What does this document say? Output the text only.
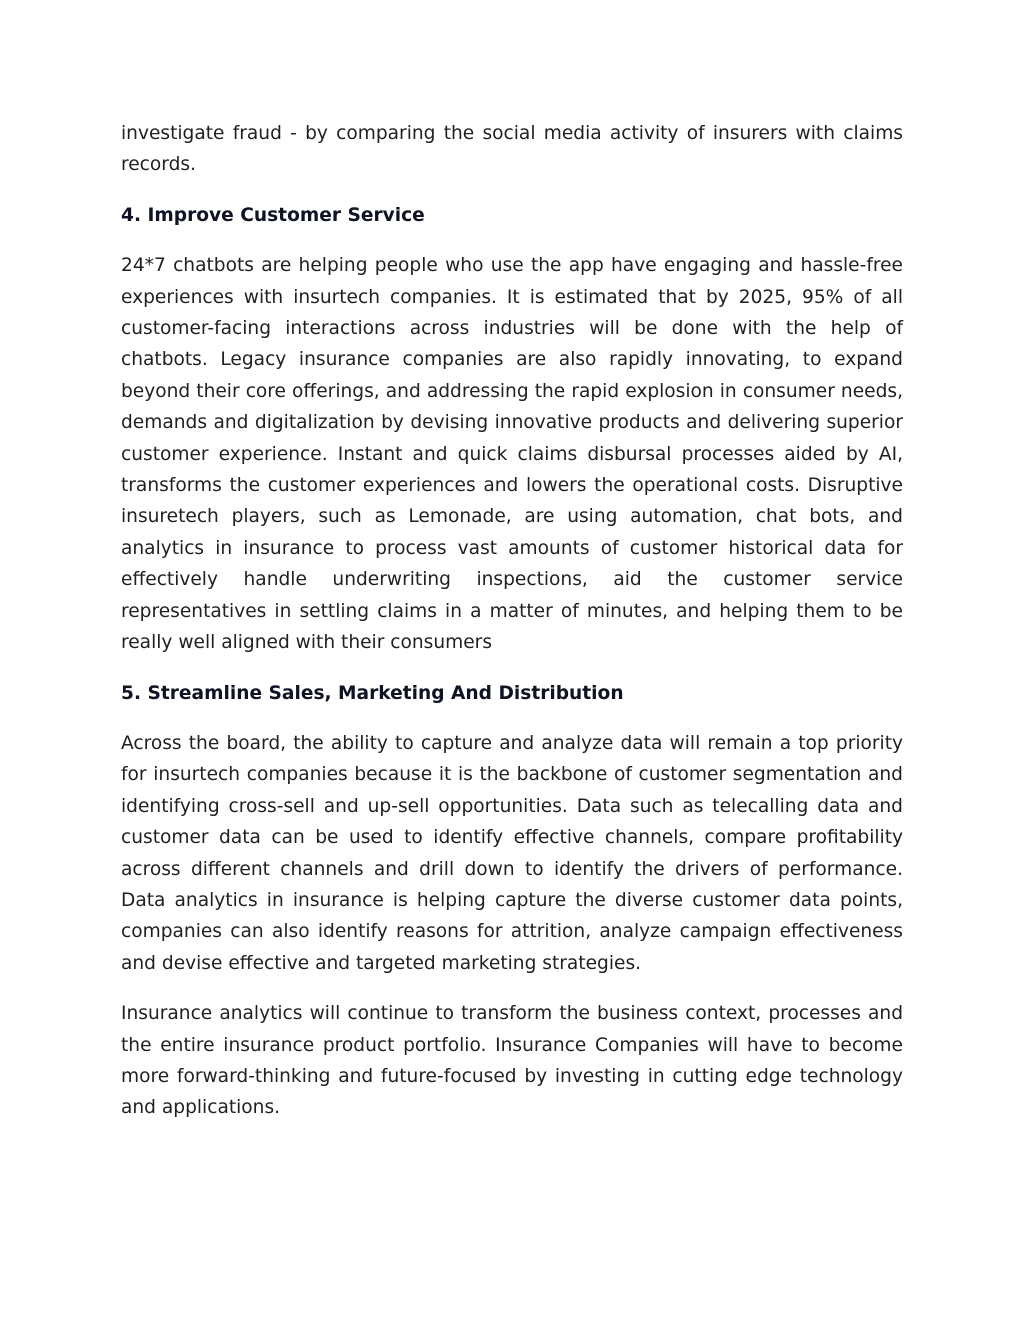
investigate fraud - by comparing the social media activity of insurers with claims records.

4. Improve Customer Service

24*7 chatbots are helping people who use the app have engaging and hassle-free experiences with insurtech companies. It is estimated that by 2025, 95% of all customer-facing interactions across industries will be done with the help of chatbots. Legacy insurance companies are also rapidly innovating, to expand beyond their core offerings, and addressing the rapid explosion in consumer needs, demands and digitalization by devising innovative products and delivering superior customer experience. Instant and quick claims disbursal processes aided by AI, transforms the customer experiences and lowers the operational costs. Disruptive insuretech players, such as Lemonade, are using automation, chat bots, and analytics in insurance to process vast amounts of customer historical data for effectively handle underwriting inspections, aid the customer service representatives in settling claims in a matter of minutes, and helping them to be really well aligned with their consumers

5. Streamline Sales, Marketing And Distribution

Across the board, the ability to capture and analyze data will remain a top priority for insurtech companies because it is the backbone of customer segmentation and identifying cross-sell and up-sell opportunities. Data such as telecalling data and customer data can be used to identify effective channels, compare profitability across different channels and drill down to identify the drivers of performance. Data analytics in insurance is helping capture the diverse customer data points, companies can also identify reasons for attrition, analyze campaign effectiveness and devise effective and targeted marketing strategies.

Insurance analytics will continue to transform the business context, processes and the entire insurance product portfolio. Insurance Companies will have to become more forward-thinking and future-focused by investing in cutting edge technology and applications.
